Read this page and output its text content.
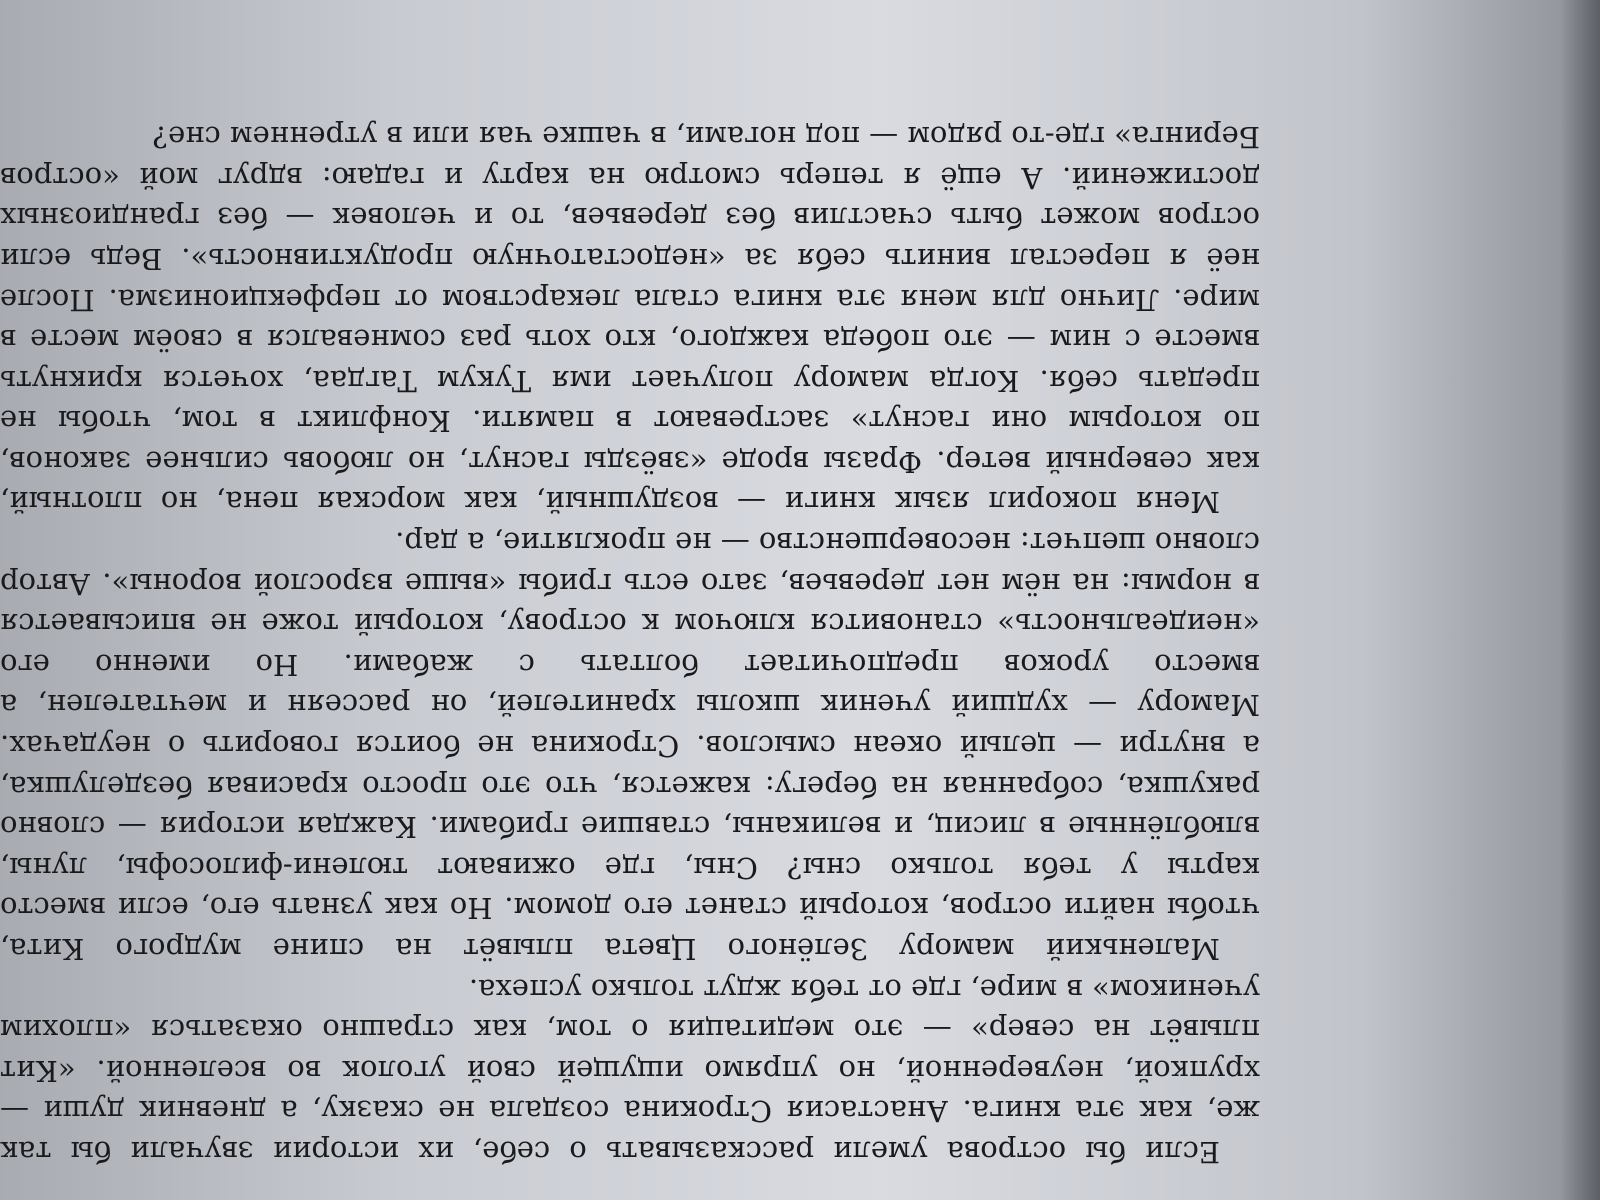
Если бы острова умели рассказывать о себе, их истории звучали бы так
же, как эта книга. Анастасия Строкина создала не сказку, а дневник души —
хрупкой, неуверенной, но упрямо ищущей свой уголок во вселенной. «Кит
плывёт на север» — это медитация о том, как страшно оказаться «плохим
учеником» в мире, где от тебя ждут только успеха.
Маленький мамору Зелёного Цвета плывёт на спине мудрого Кита,
чтобы найти остров, который станет его домом. Но как узнать его, если вместо
карты у тебя только сны? Сны, где оживают тюлени-философы, луны,
влюблённые в лисиц, и великаны, ставшие грибами. Каждая история — словно
ракушка, собранная на берегу: кажется, что это просто красивая безделушка,
а внутри — целый океан смыслов. Строкина не боится говорить о неудачах.
Мамору — худший ученик школы хранителей, он рассеян и мечтателен, а
вместо уроков предпочитает болтать с жабами. Но именно его
«неидеальность» становится ключом к острову, который тоже не вписывается
в нормы: на нём нет деревьев, зато есть грибы «выше взрослой вороны». Автор
словно шепчет: несовершенство — не проклятие, а дар.
Меня покорил язык книги — воздушный, как морская пена, но плотный,
как северный ветер. Фразы вроде «звёзды гаснут, но любовь сильнее законов,
по которым они гаснут» застревают в памяти. Конфликт в том, чтобы не
предать себя. Когда мамору получает имя Тукум Тагдаа, хочется крикнуть
вместе с ним — это победа каждого, кто хоть раз сомневался в своём месте в
мире. Лично для меня эта книга стала лекарством от перфекционизма. После
неё я перестал винить себя за «недостаточную продуктивность». Ведь если
остров может быть счастлив без деревьев, то и человек — без грандиозных
достижений. А ещё я теперь смотрю на карту и гадаю: вдруг мой «остров
Беринга» где-то рядом — под ногами, в чашке чая или в утреннем сне?
